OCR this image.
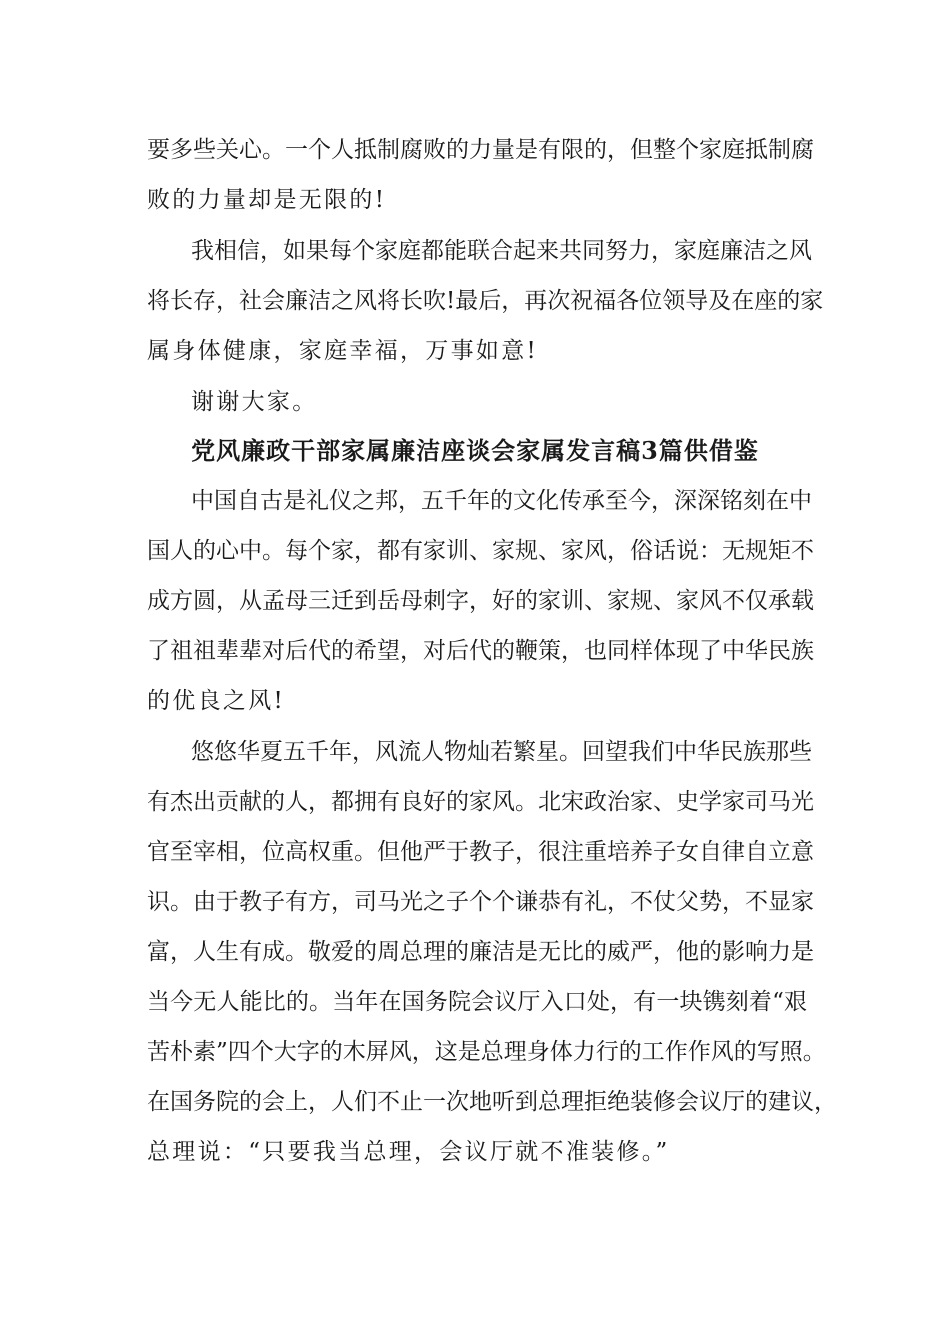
要多些关心。一个人抵制腐败的力量是有限的，但整个家庭抵制腐
败的力量却是无限的!
我相信，如果每个家庭都能联合起来共同努力，家庭廉洁之风
将长存，社会廉洁之风将长吹!最后，再次祝福各位领导及在座的家
属身体健康，家庭幸福，万事如意!
谢谢大家。
党风廉政干部家属廉洁座谈会家属发言稿3篇供借鉴
中国自古是礼仪之邦，五千年的文化传承至今，深深铭刻在中
国人的心中。每个家，都有家训、家规、家风，俗话说：无规矩不
成方圆，从孟母三迁到岳母刺字，好的家训、家规、家风不仅承载
了祖祖辈辈对后代的希望，对后代的鞭策，也同样体现了中华民族
的优良之风!
悠悠华夏五千年，风流人物灿若繁星。回望我们中华民族那些
有杰出贡献的人，都拥有良好的家风。北宋政治家、史学家司马光
官至宰相，位高权重。但他严于教子，很注重培养子女自律自立意
识。由于教子有方，司马光之子个个谦恭有礼，不仗父势，不显家
富，人生有成。敬爱的周总理的廉洁是无比的威严，他的影响力是
当今无人能比的。当年在国务院会议厅入口处，有一块镌刻着“艰
苦朴素”四个大字的木屏风，这是总理身体力行的工作作风的写照。
在国务院的会上，人们不止一次地听到总理拒绝装修会议厅的建议，
总理说：“只要我当总理，会议厅就不准装修。”
